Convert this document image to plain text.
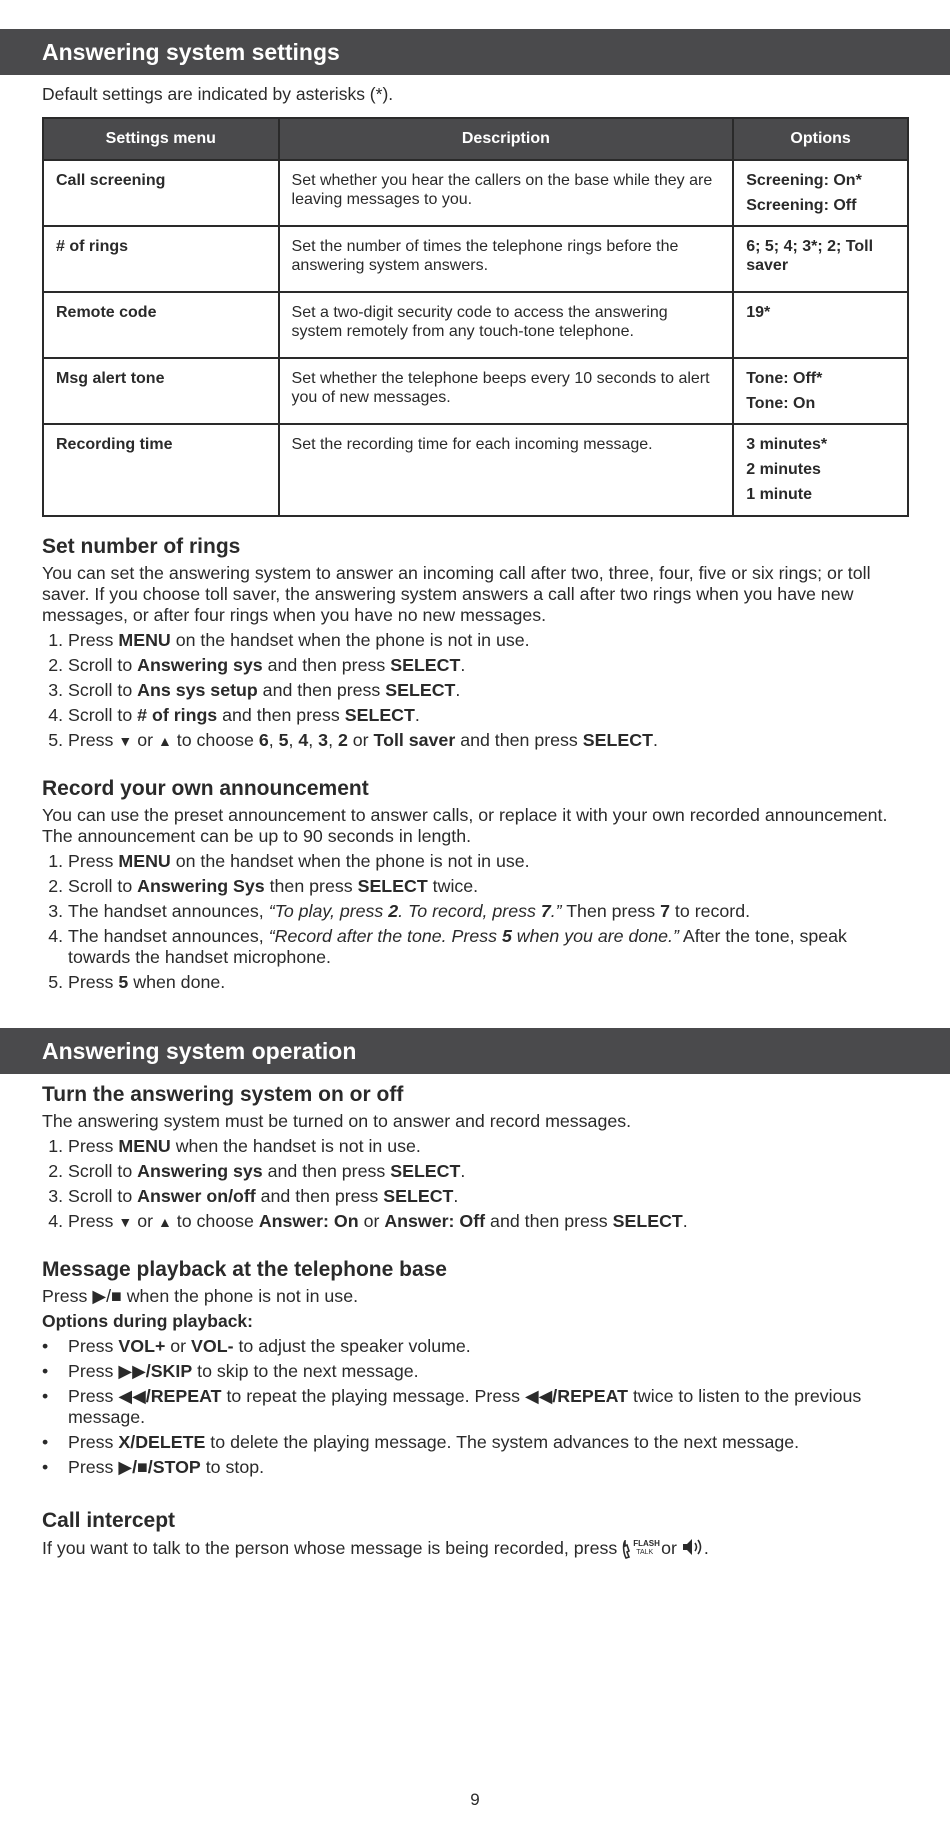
Answering system settings

Default settings are indicated by asterisks (*).

Settings menu	Description	Options
Call screening	Set whether you hear the callers on the base while they are leaving messages to you.	Screening: On*
Screening: Off

# of rings	Set the number of times the telephone rings before the answering system answers.	6; 5; 4; 3*; 2; Toll saver

Remote code	Set a two-digit security code to access the answering system remotely from any touch-tone telephone.	19*

Msg alert tone	Set whether the telephone beeps every 10 seconds to alert you of new messages.	Tone: Off*
Tone: On

Recording time	Set the recording time for each incoming message.	3 minutes*
2 minutes
1 minute
Set number of rings

You can set the answering system to answer an incoming call after two, three, four, five or six rings; or toll saver. If you choose toll saver, the answering system answers a call after two rings when you have new messages, or after four rings when you have no new messages.

1. Press MENU on the handset when the phone is not in use.
2. Scroll to Answering sys and then press SELECT.
3. Scroll to Ans sys setup and then press SELECT.
4. Scroll to # of rings and then press SELECT.
5. Press ▼ or ▲ to choose 6, 5, 4, 3, 2 or Toll saver and then press SELECT.
Record your own announcement

You can use the preset announcement to answer calls, or replace it with your own recorded announcement. The announcement can be up to 90 seconds in length.

1. Press MENU on the handset when the phone is not in use.
2. Scroll to Answering Sys then press SELECT twice.
3. The handset announces, “To play, press 2. To record, press 7.” Then press 7 to record.
4. The handset announces, “Record after the tone. Press 5 when you are done.” After the tone, speak towards the handset microphone.
5. Press 5 when done.
Answering system operation
Turn the answering system on or off

The answering system must be turned on to answer and record messages.

1. Press MENU when the handset is not in use.
2. Scroll to Answering sys and then press SELECT.
3. Scroll to Answer on/off and then press SELECT.
4. Press ▼ or ▲ to choose Answer: On or Answer: Off and then press SELECT.
Message playback at the telephone base

Press ▶/■ when the phone is not in use.

Options during playback:
• Press VOL+ or VOL- to adjust the speaker volume.
• Press ▶▶/SKIP to skip to the next message.
• Press ◀◀/REPEAT to repeat the playing message. Press ◀◀/REPEAT twice to listen to the previous message.
• Press X/DELETE to delete the playing message. The system advances to the next message.
• Press ▶/■/STOP to stop.
Call intercept

If you want to talk to the person whose message is being recorded, press FLASH
TALK or .

9
